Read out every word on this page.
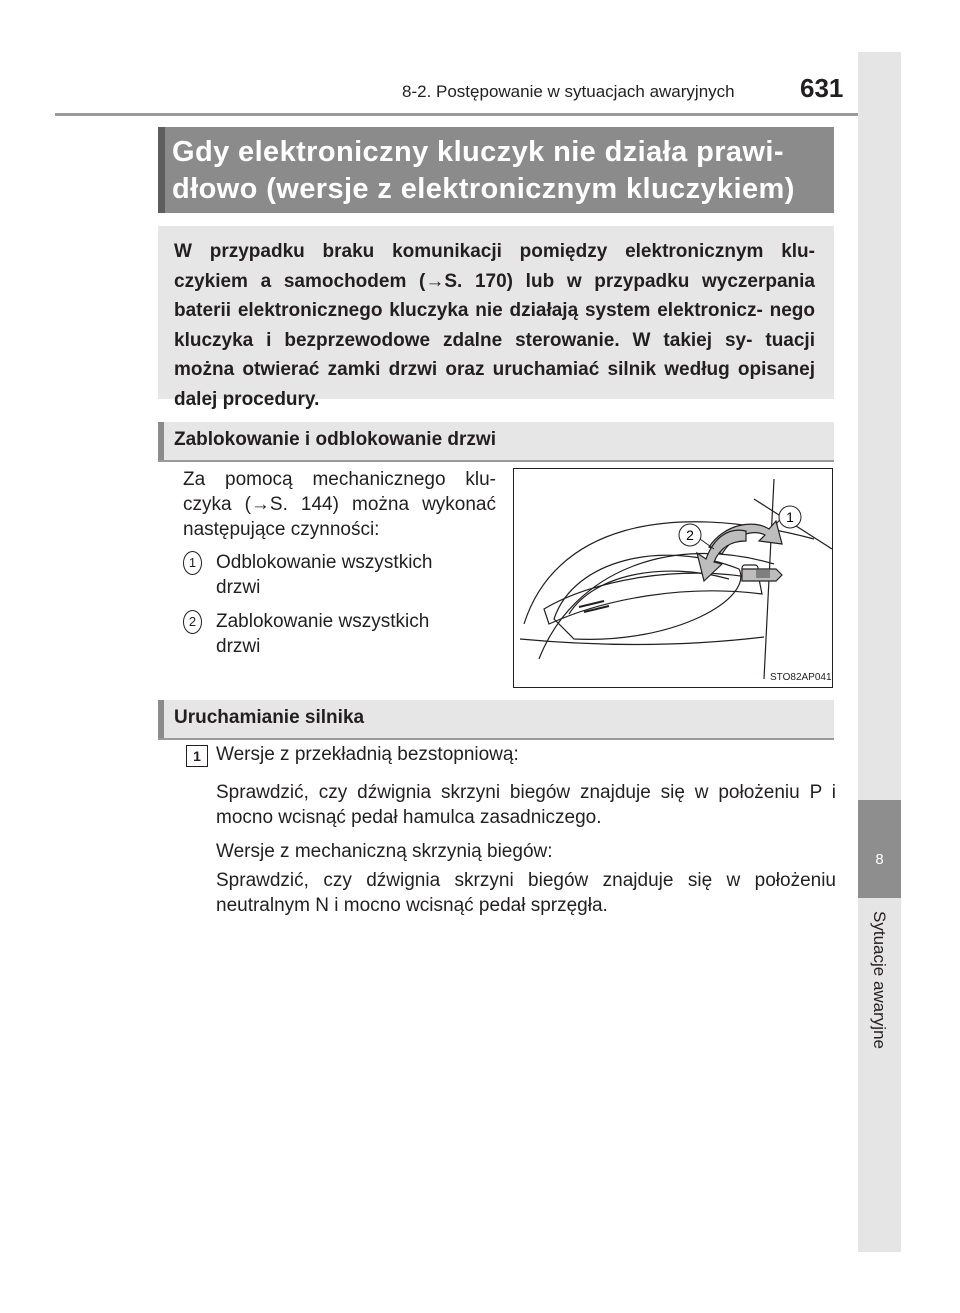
8-2. Postępowanie w sytuacjach awaryjnych	631
8
Sytuacje awaryjne
Gdy elektroniczny kluczyk nie działa prawi- dłowo (wersje z elektronicznym kluczykiem)
W przypadku braku komunikacji pomiędzy elektronicznym klu- czykiem a samochodem (→S. 170) lub w przypadku wyczerpania baterii elektronicznego kluczyka nie działają system elektronicz- nego kluczyka i bezprzewodowe zdalne sterowanie. W takiej sy- tuacji można otwierać zamki drzwi oraz uruchamiać silnik według opisanej dalej procedury.
Zablokowanie i odblokowanie drzwi
Za pomocą mechanicznego klu- czyka (→S. 144) można wykonać następujące czynności:
1	Odblokowanie wszystkich drzwi
2	Zablokowanie wszystkich drzwi
1
2
STO82AP041
Uruchamianie silnika
1 Wersje z przekładnią bezstopniową:

Sprawdzić, czy dźwignia skrzyni biegów znajduje się w położeniu P i mocno wcisnąć pedał hamulca zasadniczego.

Wersje z mechaniczną skrzynią biegów:

Sprawdzić, czy dźwignia skrzyni biegów znajduje się w położeniu neutralnym N i mocno wcisnąć pedał sprzęgła.
